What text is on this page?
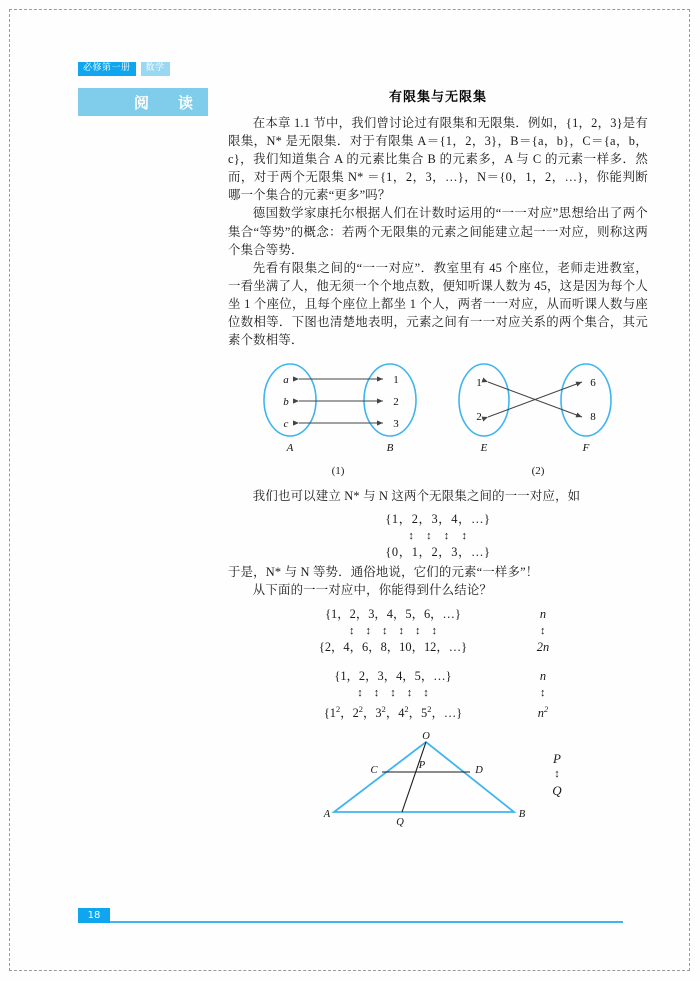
必修第一册	数学
阅　读	有限集与无限集

在本章 1.1 节中，我们曾讨论过有限集和无限集．例如，{1，2，3}是有限集，N* 是无限集．对于有限集 A＝{1，2，3}，B＝{a，b}，C＝{a，b，c}，我们知道集合 A 的元素比集合 B 的元素多，A 与 C 的元素一样多．然而，对于两个无限集 N* ＝{1，2，3，…}，N＝{0，1，2，…}，你能判断哪一个集合的元素“更多”吗？

德国数学家康托尔根据人们在计数时运用的“一一对应”思想给出了两个集合“等势”的概念：若两个无限集的元素之间能建立起一一对应，则称这两个集合等势．

先看有限集之间的“一一对应”．教室里有 45 个座位，老师走进教室，一看坐满了人，他无须一个个地点数，便知听课人数为 45，这是因为每个人坐 1 个座位，且每个座位上都坐 1 个人，两者一一对应，从而听课人数与座位数相等．下图也清楚地表明，元素之间有一一对应关系的两个集合，其元素个数相等．

a
b
c
1
2
3
A	B
1
2
6
8
E	F
(1)	(2)

我们也可以建立 N* 与 N 这两个无限集之间的一一对应，如

{1，2，3，4，…}
↕　↕　↕　↕
{0，1，2，3，…}

于是，N* 与 N 等势．通俗地说，它们的元素“一样多”！

从下面的一一对应中，你能得到什么结论？

{1，2，3，4，5，6，…}	n
↕　↕　↕　↕　↕　↕	↕
{2，4，6，8，10，12，…}	2n
{1，2，3，4，5，…}	n
↕　↕　↕　↕　↕	↕
{$1^2$，$2^2$，$3^2$，$4^2$，$5^2$，…}	$n^2$
O
A	B
C	D
P
Q
P
↕
Q
18
